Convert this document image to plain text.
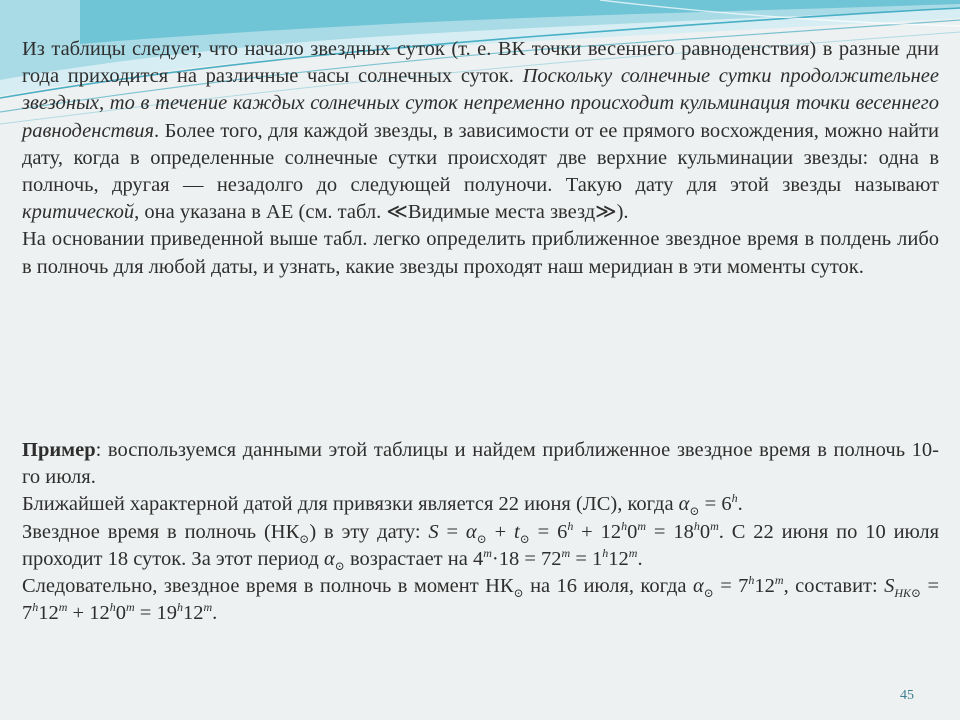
Из таблицы следует, что начало звездных суток (т. е. ВК точки весеннего равноденствия) в разные дни года приходится на различные часы солнечных суток. Поскольку солнечные сутки продолжительнее звездных, то в течение каждых солнечных суток непременно происходит кульминация точки весеннего равноденствия. Более того, для каждой звезды, в зависимости от ее прямого восхождения, можно найти дату, когда в определенные солнечные сутки происходят две верхние кульминации звезды: одна в полночь, другая — незадолго до следующей полуночи. Такую дату для этой звезды называют критической, она указана в АЕ (см. табл. ≪Видимые места звезд≫).

На основании приведенной выше табл. легко определить приближенное звездное время в полдень либо в полночь для любой даты, и узнать, какие звезды проходят наш меридиан в эти моменты суток.

Пример: воспользуемся данными этой таблицы и найдем приближенное звездное время в полночь 10-го июля.

Ближайшей характерной датой для привязки является 22 июня (ЛС), когда $\alpha_⊙ = 6^h$.

Звездное время в полночь $(НК_⊙)$ в эту дату: $S = \alpha_⊙ + t_⊙ = 6^h + 12^h0^m = 18^h0^m$. С 22 июня по 10 июля проходит 18 суток. За этот период $\alpha_⊙$ возрастает на $4^m\cdot 18 = 72^m = 1^h12^m$.

Следовательно, звездное время в полночь в момент $НК_⊙$ на 16 июля, когда $\alpha_⊙ = 7^h12^m$, составит: $S_{НК⊙} = 7^h12^m + 12^h0^m = 19^h12^m$.

45
